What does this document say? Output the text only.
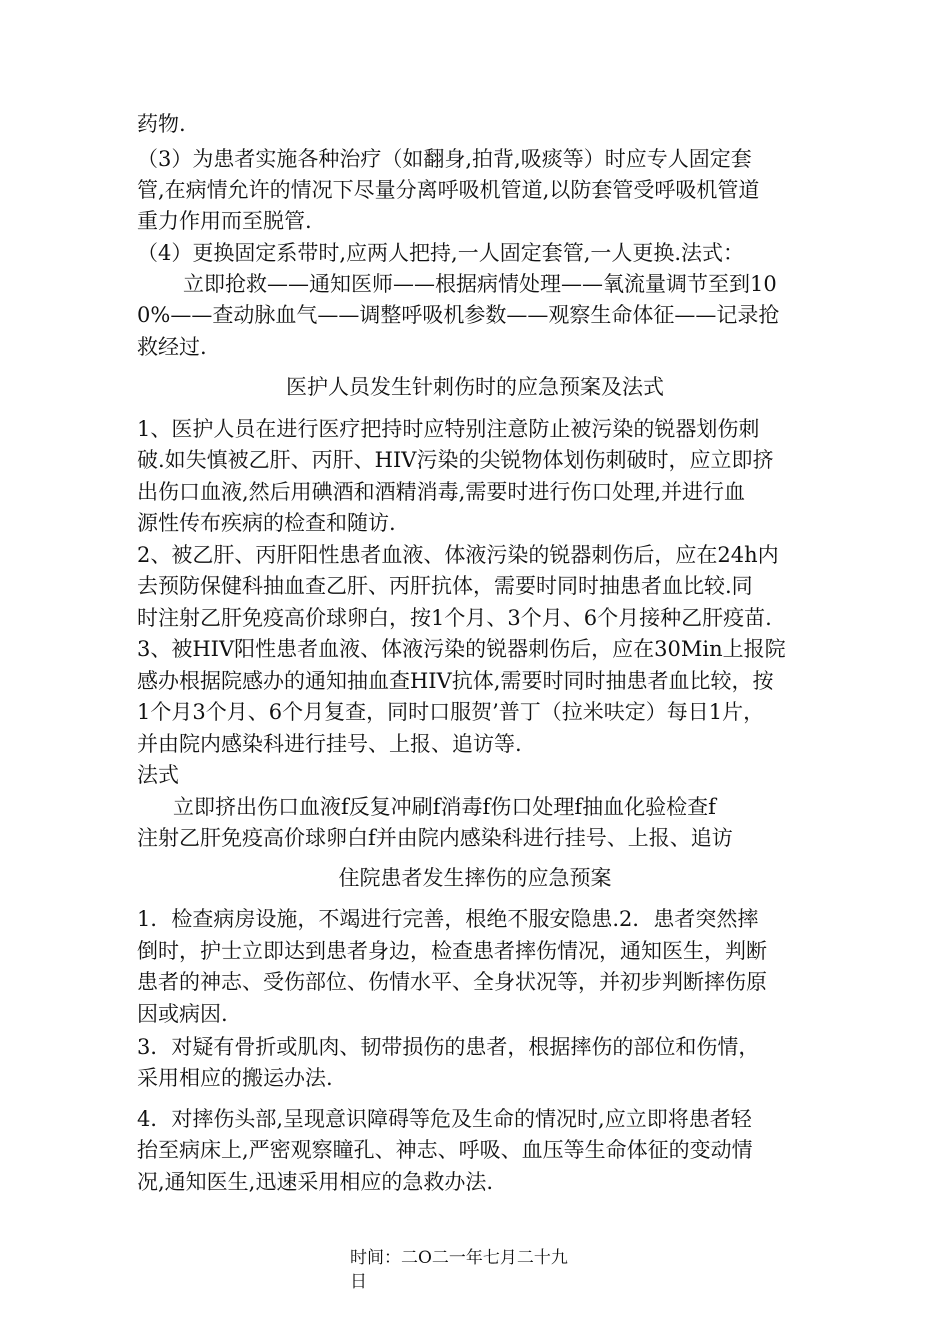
药物.

（3）为患者实施各种治疗（如翻身,拍背,吸痰等）时应专人固定套

管,在病情允许的情况下尽量分离呼吸机管道,以防套管受呼吸机管道

重力作用而至脱管.

（4）更换固定系带时,应两人把持,一人固定套管,一人更换.法式：

立即抢救——通知医师——根据病情处理——氧流量调节至到10

0%——查动脉血气——调整呼吸机参数——观察生命体征——记录抢

救经过.

医护人员发生针刺伤时的应急预案及法式

1、医护人员在进行医疗把持时应特别注意防止被污染的锐器划伤刺

破.如失慎被乙肝、丙肝、HIV污染的尖锐物体划伤刺破时，应立即挤

出伤口血液,然后用碘酒和酒精消毒,需要时进行伤口处理,并进行血

源性传布疾病的检查和随访.

2、被乙肝、丙肝阳性患者血液、体液污染的锐器刺伤后，应在24h内

去预防保健科抽血查乙肝、丙肝抗体，需要时同时抽患者血比较.同

时注射乙肝免疫高价球卵白，按1个月、3个月、6个月接种乙肝疫苗.

3、被HIV阳性患者血液、体液污染的锐器刺伤后，应在30Min上报院

感办根据院感办的通知抽血查HIV抗体,需要时同时抽患者血比较，按

1个月3个月、6个月复查，同时口服贺’普丁（拉米呋定）每日1片，

并由院内感染科进行挂号、上报、追访等.

法式

立即挤出伤口血液f反复冲刷f消毒f伤口处理f抽血化验检查f

注射乙肝免疫高价球卵白f并由院内感染科进行挂号、上报、追访

住院患者发生摔伤的应急预案

1．检查病房设施，不竭进行完善，根绝不服安隐患.2．患者突然摔

倒时，护士立即达到患者身边，检查患者摔伤情况，通知医生，判断

患者的神志、受伤部位、伤情水平、全身状况等，并初步判断摔伤原

因或病因.

3．对疑有骨折或肌肉、韧带损伤的患者，根据摔伤的部位和伤情，

采用相应的搬运办法.

4．对摔伤头部,呈现意识障碍等危及生命的情况时,应立即将患者轻

抬至病床上,严密观察瞳孔、神志、呼吸、血压等生命体征的变动情

况,通知医生,迅速采用相应的急救办法.

时间：二O二一年七月二十九

日
